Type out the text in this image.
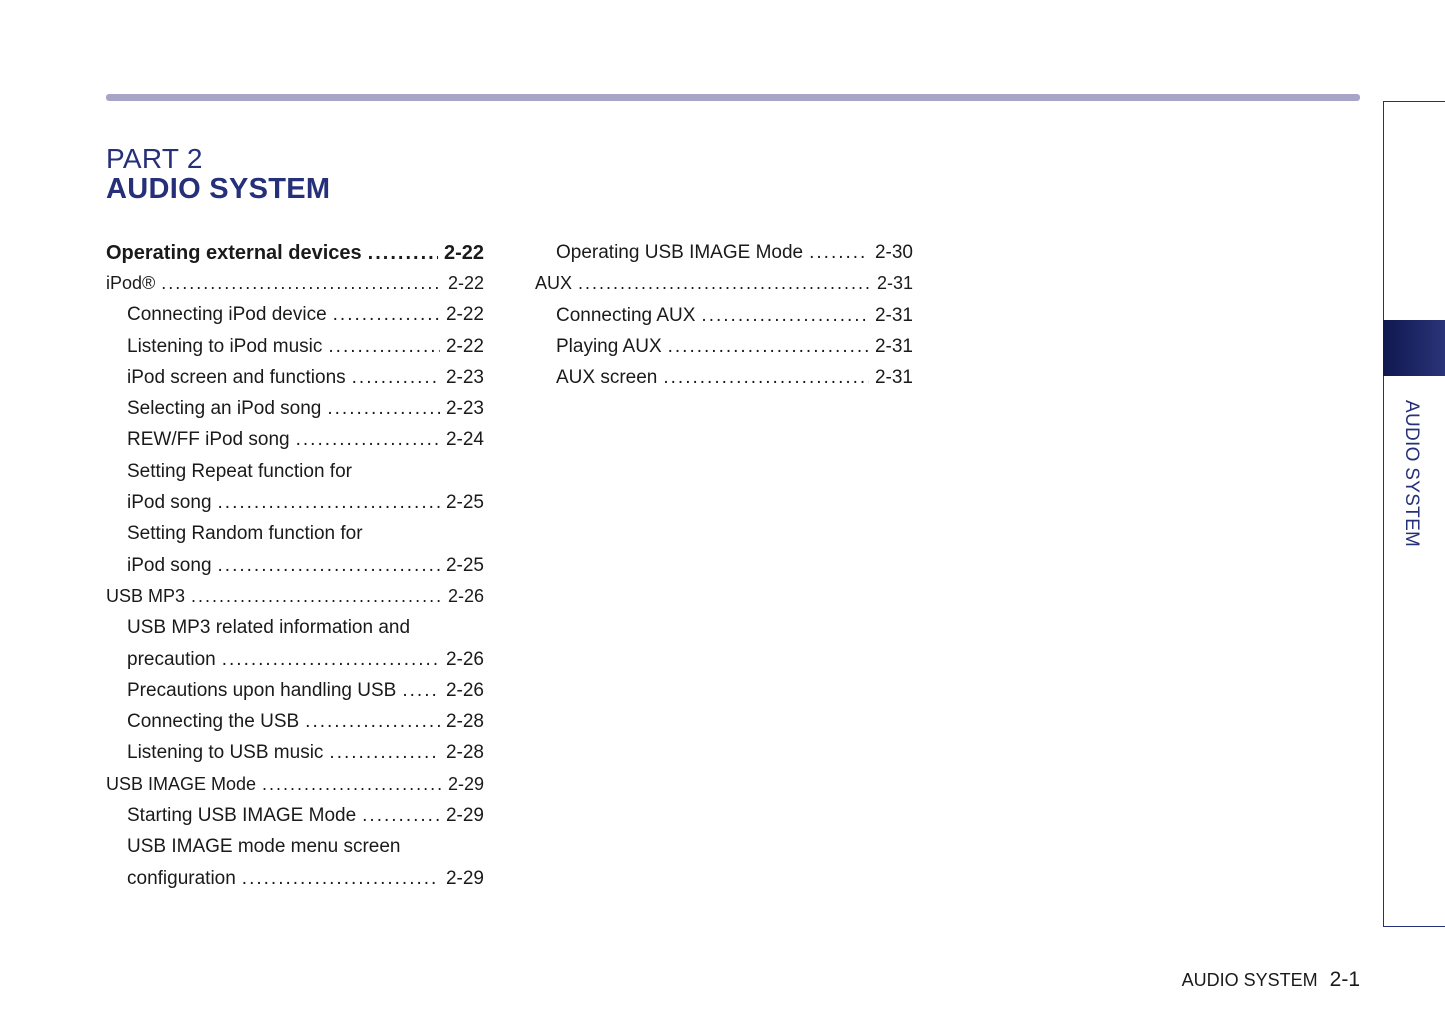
PART 2
AUDIO SYSTEM
Operating external devices .....	2-22
iPod® .....	2-22
Connecting iPod device .....	2-22
Listening to iPod music .....	2-22
iPod screen and functions .....	2-23
Selecting an iPod song .....	2-23
REW/FF iPod song .....	2-24
Setting Repeat function for
iPod song .....	2-25
Setting Random function for
iPod song .....	2-25
USB MP3 .....	2-26
USB MP3 related information and
precaution .....	2-26
Precautions upon handling USB .....	2-26
Connecting the USB .....	2-28
Listening to USB music .....	2-28
USB IMAGE Mode .....	2-29
Starting USB IMAGE Mode .....	2-29
USB IMAGE mode menu screen
configuration .....	2-29
Operating USB IMAGE Mode .....	2-30
AUX .....	2-31
Connecting AUX .....	2-31
Playing AUX .....	2-31
AUX screen .....	2-31
AUDIO SYSTEM
AUDIO SYSTEM 2-1
